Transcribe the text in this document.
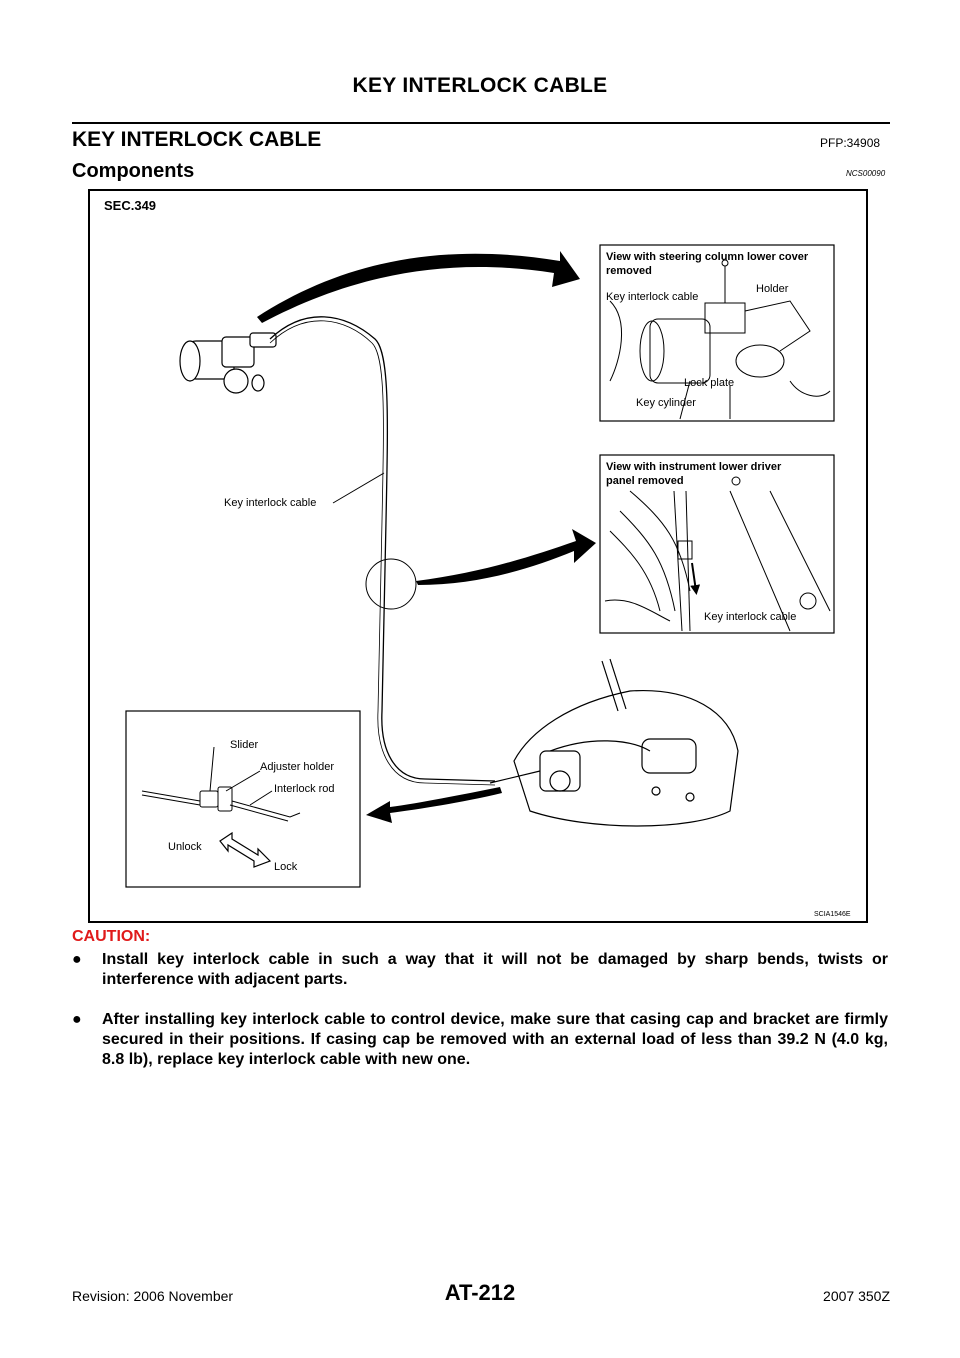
KEY INTERLOCK CABLE
KEY INTERLOCK CABLE	PFP:34908
Components	NCS00090
SEC.349
View with steering column lower cover
removed
Key interlock cable
Holder
Lock plate
Key cylinder
Key interlock cable
View with instrument lower driver
panel removed
Key interlock cable
Slider
Adjuster holder
Interlock rod
Unlock
Lock
SCIA1546E
CAUTION:
● Install key interlock cable in such a way that it will not be damaged by sharp bends, twists or interference with adjacent parts.
● After installing key interlock cable to control device, make sure that casing cap and bracket are firmly secured in their positions. If casing cap be removed with an external load of less than 39.2 N (4.0 kg, 8.8 lb), replace key interlock cable with new one.
Revision: 2006 November	AT-212	2007 350Z
